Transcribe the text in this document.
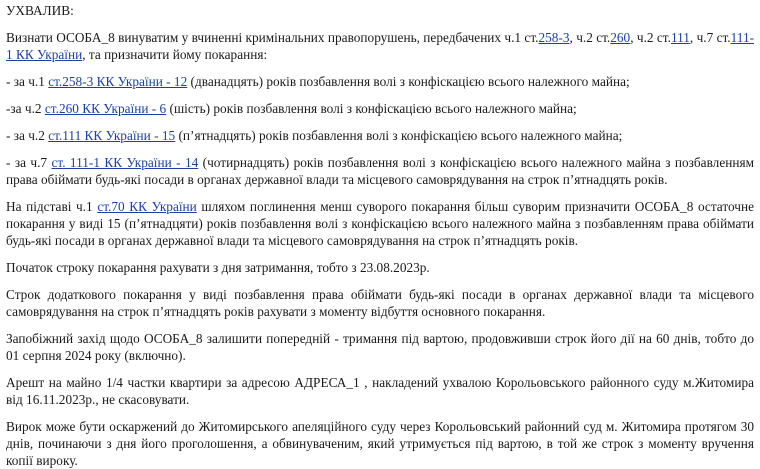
УХВАЛИВ:

Визнати ОСОБА_8 винуватим у вчиненні кримінальних правопорушень, передбачених ч.1 ст.258-3, ч.2 ст.260, ч.2 ст.111, ч.7 ст.111-1 КК України, та призначити йому покарання:

- за ч.1 ст.258-3 КК України - 12 (дванадцять) років позбавлення волі з конфіскацією всього належного майна;

-за ч.2 ст.260 КК України - 6 (шість) років позбавлення волі з конфіскацією всього належного майна;

- за ч.2 ст.111 КК України - 15 (п’ятнадцять) років позбавлення волі з конфіскацією всього належного майна;

- за ч.7 ст. 111-1 КК України - 14 (чотирнадцять) років позбавлення волі з конфіскацією всього належного майна з позбавленням права обіймати будь-які посади в органах державної влади та місцевого самоврядування на строк п’ятнадцять років.

На підставі ч.1 ст.70 КК України шляхом поглинення менш суворого покарання більш суворим призначити ОСОБА_8 остаточне покарання у виді 15 (п’ятнадцяти) років позбавлення волі з конфіскацією всього належного майна з позбавленням права обіймати будь-які посади в органах державної влади та місцевого самоврядування на строк п’ятнадцять років.

Початок строку покарання рахувати з дня затримання, тобто з 23.08.2023р.

Строк додаткового покарання у виді позбавлення права обіймати будь-які посади в органах державної влади та місцевого самоврядування на строк п’ятнадцять років рахувати з моменту відбуття основного покарання.

Запобіжний захід щодо ОСОБА_8 залишити попередній - тримання під вартою, продовживши строк його дії на 60 днів, тобто до 01 серпня 2024 року (включно).

Арешт на майно 1/4 частки квартири за адресою АДРЕСА_1 , накладений ухвалою Корольовського районного суду м.Житомира від 16.11.2023р., не скасовувати.

Вирок може бути оскаржений до Житомирського апеляційного суду через Корольовський районний суд м. Житомира протягом 30 днів, починаючи з дня його проголошення, а обвинуваченим, який утримується під вартою, в той же строк з моменту вручення копії вироку.
